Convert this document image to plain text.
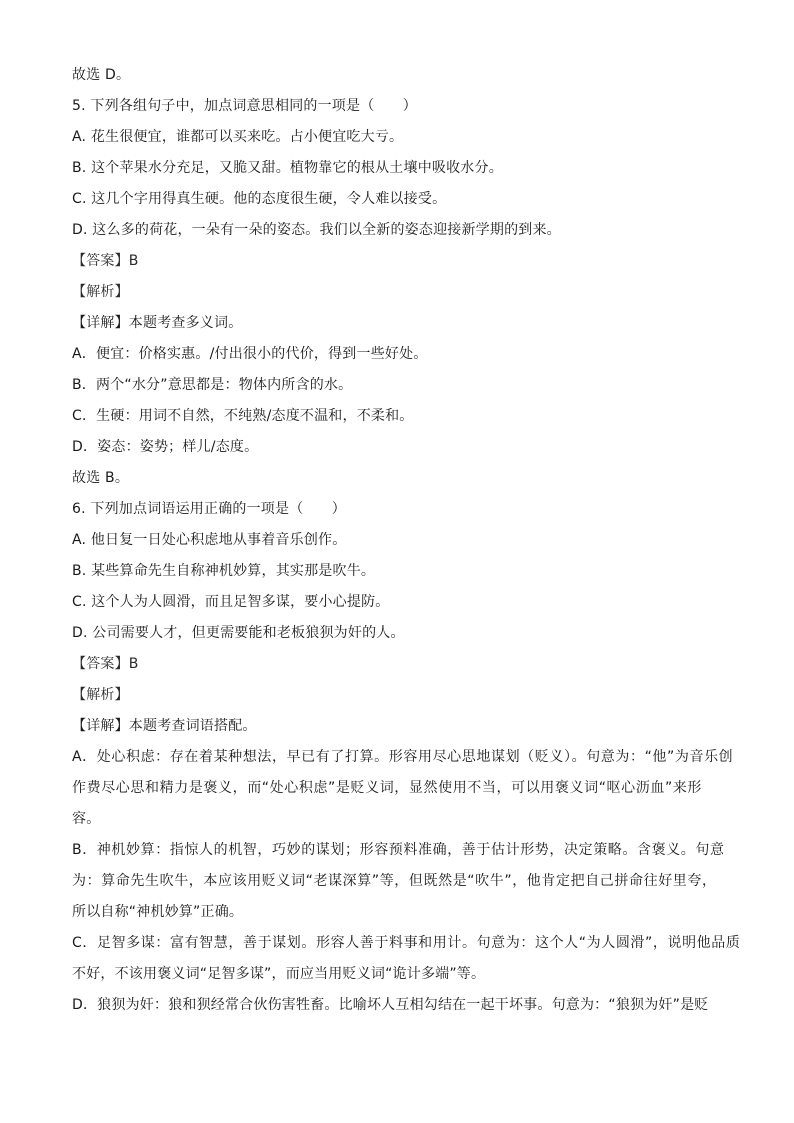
故选 D。
5. 下列各组句子中，加点词意思相同的一项是（　　）
A. 花生很便宜，谁都可以买来吃。占小便宜吃大亏。
B. 这个苹果水分充足，又脆又甜。植物靠它的根从土壤中吸收水分。
C. 这几个字用得真生硬。他的态度很生硬，令人难以接受。
D. 这么多的荷花，一朵有一朵的姿态。我们以全新的姿态迎接新学期的到来。
【答案】B
【解析】
【详解】本题考查多义词。
A．便宜：价格实惠。/付出很小的代价，得到一些好处。
B．两个“水分”意思都是：物体内所含的水。
C．生硬：用词不自然，不纯熟/态度不温和，不柔和。
D．姿态：姿势；样儿/态度。
故选 B。
6. 下列加点词语运用正确的一项是（　　）
A. 他日复一日处心积虑地从事着音乐创作。
B. 某些算命先生自称神机妙算，其实那是吹牛。
C. 这个人为人圆滑，而且足智多谋，要小心提防。
D. 公司需要人才，但更需要能和老板狼狈为奸的人。
【答案】B
【解析】
【详解】本题考查词语搭配。
A．处心积虑：存在着某种想法，早已有了打算。形容用尽心思地谋划（贬义）。句意为：“他”为音乐创
作费尽心思和精力是褒义，而“处心积虑”是贬义词，显然使用不当，可以用褒义词“呕心沥血”来形
容。
B．神机妙算：指惊人的机智，巧妙的谋划；形容预料准确，善于估计形势，决定策略。含褒义。句意
为：算命先生吹牛，本应该用贬义词“老谋深算”等，但既然是“吹牛”，他肯定把自己拼命往好里夸，
所以自称“神机妙算”正确。
C．足智多谋：富有智慧，善于谋划。形容人善于料事和用计。句意为：这个人“为人圆滑”，说明他品质
不好，不该用褒义词“足智多谋”，而应当用贬义词“诡计多端”等。
D．狼狈为奸：狼和狈经常合伙伤害牲畜。比喻坏人互相勾结在一起干坏事。句意为：“狼狈为奸”是贬
